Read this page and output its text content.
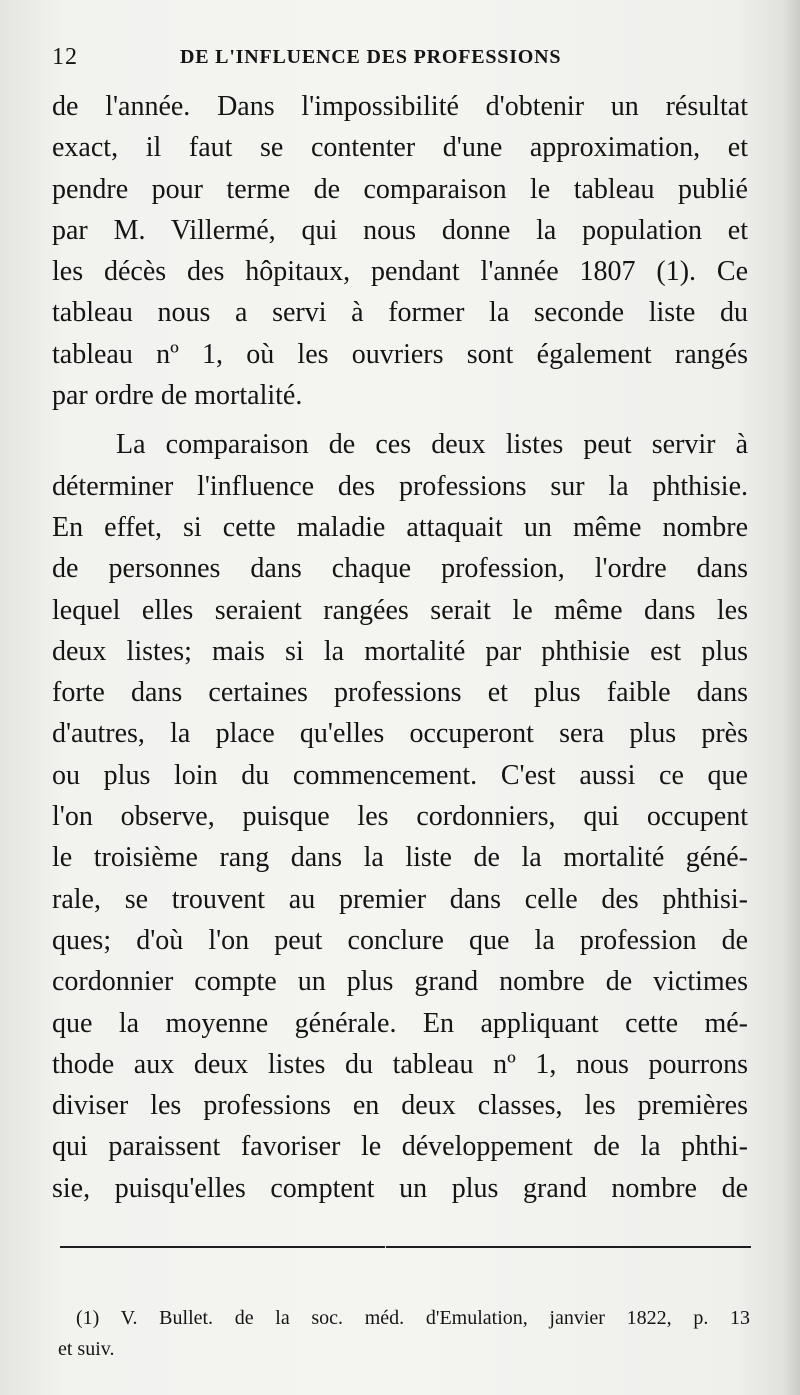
12	DE L'INFLUENCE DES PROFESSIONS
de l'année. Dans l'impossibilité d'obtenir un résultat
exact, il faut se contenter d'une approximation, et
pendre pour terme de comparaison le tableau publié
par M. Villermé, qui nous donne la population et
les décès des hôpitaux, pendant l'année 1807 (1). Ce
tableau nous a servi à former la seconde liste du
tableau nº 1, où les ouvriers sont également rangés
par ordre de mortalité.
La comparaison de ces deux listes peut servir à
déterminer l'influence des professions sur la phthisie.
En effet, si cette maladie attaquait un même nombre
de personnes dans chaque profession, l'ordre dans
lequel elles seraient rangées serait le même dans les
deux listes; mais si la mortalité par phthisie est plus
forte dans certaines professions et plus faible dans
d'autres, la place qu'elles occuperont sera plus près
ou plus loin du commencement. C'est aussi ce que
l'on observe, puisque les cordonniers, qui occupent
le troisième rang dans la liste de la mortalité géné-
rale, se trouvent au premier dans celle des phthisi-
ques; d'où l'on peut conclure que la profession de
cordonnier compte un plus grand nombre de victimes
que la moyenne générale. En appliquant cette mé-
thode aux deux listes du tableau nº 1, nous pourrons
diviser les professions en deux classes, les premières
qui paraissent favoriser le développement de la phthi-
sie, puisqu'elles comptent un plus grand nombre de
(1) V. Bullet. de la soc. méd. d'Emulation, janvier 1822, p. 13
et suiv.
